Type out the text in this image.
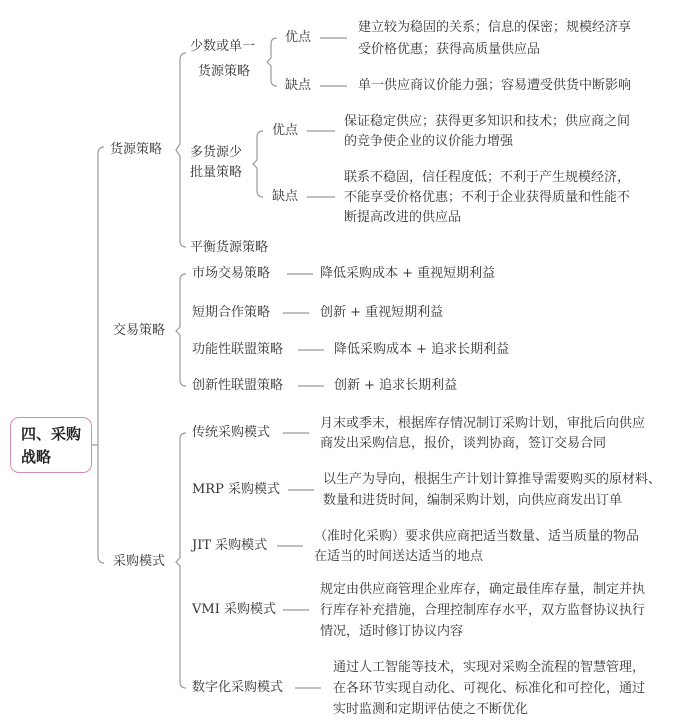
四、采购
战略
货源策略
少数或单一
货源策略
优点
建立较为稳固的关系；信息的保密；规模经济享
受价格优惠；获得高质量供应品
缺点	单一供应商议价能力强；容易遭受供货中断影响
多货源少
批量策略
优点
保证稳定供应；获得更多知识和技术；供应商之间
的竞争使企业的议价能力增强
缺点
联系不稳固，信任程度低；不利于产生规模经济，
不能享受价格优惠；不利于企业获得质量和性能不
断提高改进的供应品
平衡货源策略
交易策略
市场交易策略	降低采购成本 + 重视短期利益
短期合作策略	创新 + 重视短期利益
功能性联盟策略	降低采购成本 + 追求长期利益
创新性联盟策略	创新 + 追求长期利益
采购模式
传统采购模式
月末或季末，根据库存情况制订采购计划，审批后向供应
商发出采购信息，报价，谈判协商，签订交易合同
MRP 采购模式
以生产为导向，根据生产计划计算推导需要购买的原材料、
数量和进货时间，编制采购计划，向供应商发出订单
JIT 采购模式
（准时化采购）要求供应商把适当数量、适当质量的物品
在适当的时间送达适当的地点
VMI 采购模式
规定由供应商管理企业库存，确定最佳库存量，制定并执
行库存补充措施，合理控制库存水平，双方监督协议执行
情况，适时修订协议内容
数字化采购模式
通过人工智能等技术，实现对采购全流程的智慧管理，
在各环节实现自动化、可视化、标准化和可控化，通过
实时监测和定期评估使之不断优化
